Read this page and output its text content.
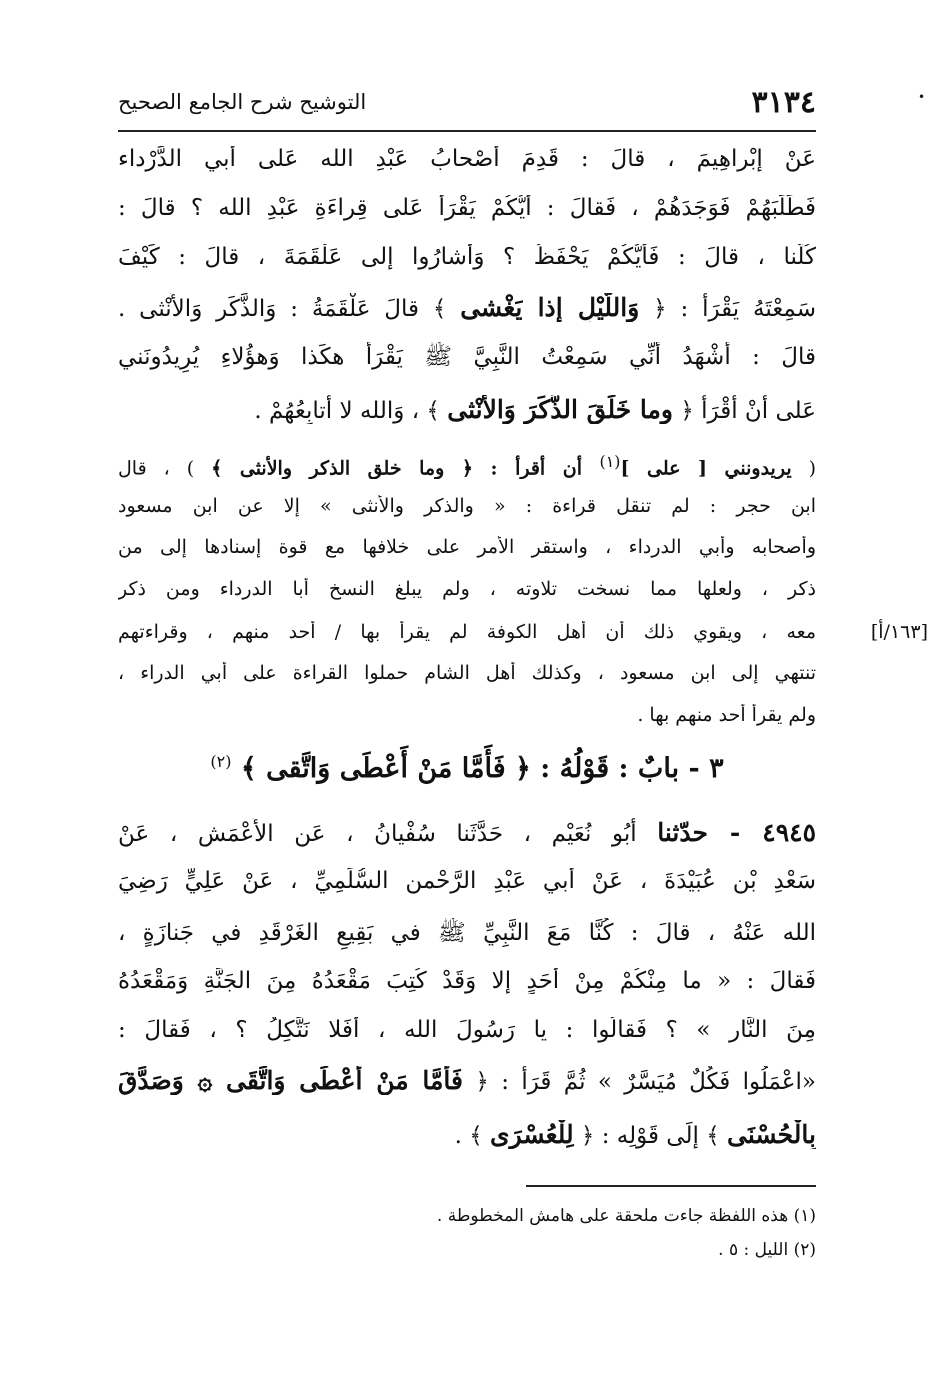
•
٣١٣٤
التوشيح شرح الجامع الصحيح
عَنْ إِبْراهِيمَ ، قالَ : قَدِمَ أَصْحابُ عَبْدِ الله عَلى أَبي الدَّرْداء
فَطَلَبَهُمْ فَوَجَدَهُمْ ، فَقالَ : أَيُّكُمْ يَقْرَأُ عَلى قِراءَةِ عَبْدِ الله ؟ قالَ :
كُلُّنا ، قالَ : فَأَيُّكُمْ يَحْفَظُ ؟ وَأَشارُوا إِلى عَلْقَمَةَ ، قالَ : كَيْفَ
سَمِعْتَهُ يَقْرَأُ : ﴿ وَاللَّيْلِ إذا يَغْشى ﴾ قالَ عَلْقَمَةُ : وَالذَّكَرِ وَالأُنْثى .
قالَ : أَشْهَدُ أَنِّي سَمِعْتُ النَّبِيَّ ﷺ يَقْرَأُ هكَذا وَهؤُلاءِ يُرِيدُونَني
عَلى أَنْ أَقْرَأَ ﴿ وما خَلَقَ الذَّكَرَ وَالأُنْثى ﴾ ، وَالله لا أُتابِعُهُمْ .
( يريدونني [ على ]$^{(١)}$ أن أقرأ : ﴿ وما خلق الذكر والأنثى ﴾ ) ، قال
ابن حجر : لم تنقل قراءة : « والذكر والأنثى » إلا عن ابن مسعود
وأصحابه وأبي الدرداء ، واستقر الأمر على خلافها مع قوة إسنادها إلى من
ذكر ، ولعلها مما نسخت تلاوته ، ولم يبلغ النسخ أبا الدرداء ومن ذكر
معه ، ويقوي ذلك أن أهل الكوفة لم يقرأ بها / أحد منهم ، وقراءتهم
تنتهي إلى ابن مسعود ، وكذلك أهل الشام حملوا القراءة على أبي الدراء ،
ولم يقرأ أحد منهم بها .
[١٦٣/أ]
٣ - بابٌ : قَوْلُهُ : ﴿ فَأَمَّا مَنْ أَعْطَى وَاتَّقى ﴾ $^{(٢)}$
٤٩٤٥ - حدّثنا أَبُو نُعَيْمٍ ، حَدَّثَنا سُفْيانُ ، عَنِ الأَعْمَشِ ، عَنْ
سَعْدِ بْنِ عُبَيْدَةَ ، عَنْ أَبي عَبْدِ الرَّحْمنِ السُّلَمِيِّ ، عَنْ عَلِيٍّ رَضِيَ
الله عَنْهُ ، قالَ : كُنَّا مَعَ النَّبِيِّ ﷺ في بَقِيعِ الغَرْقَدِ في جَنازَةٍ ،
فَقالَ : « ما مِنْكُمْ مِنْ أَحَدٍ إِلا وَقَدْ كُتِبَ مَقْعَدُهُ مِنَ الجَنَّةِ وَمَقْعَدُهُ
مِنَ النَّارِ » ؟ فَقالُوا : يا رَسُولَ الله ، أَفَلا نَتَّكِلُ ؟ ، فَقالَ :
«اعْمَلُوا فَكُلٌ مُيَسَّرٌ » ثُمَّ قَرَأَ : ﴿ فَأَمَّا مَنْ أَعْطَى وَاتَّقَى ۞ وَصَدَّقَ
بِالْحُسْنَى ﴾ إِلَى قَوْلِه : ﴿ لِلْعُسْرَى ﴾ .
(١) هذه اللفظة جاءت ملحقة على هامش المخطوطة .
(٢) الليل : ٥ .
